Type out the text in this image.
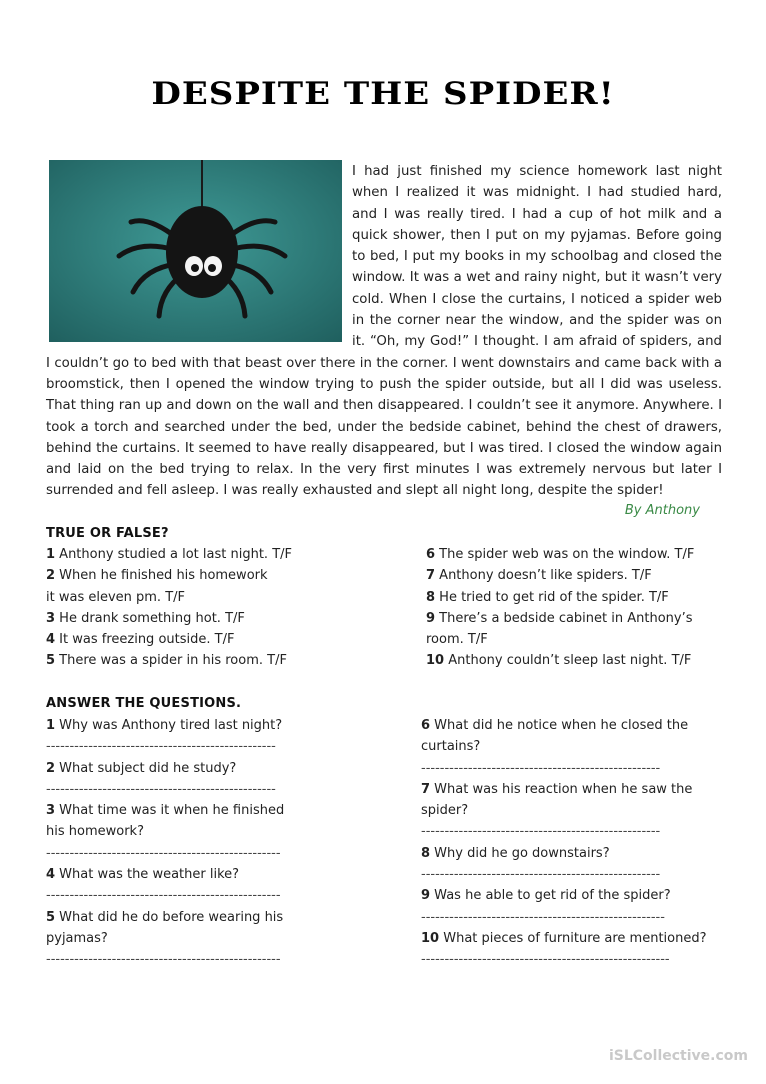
DESPITE THE SPIDER!

I had just finished my science homework last night when I realized it was midnight. I had studied hard, and I was really tired. I had a cup of hot milk and a quick shower, then I put on my pyjamas. Before going to bed, I put my books in my schoolbag and closed the window. It was a wet and rainy night, but it wasn’t very cold. When I close the curtains, I noticed a spider web in the corner near the window, and the spider was on it. “Oh, my God!” I thought. I am afraid of spiders, and I couldn’t go to bed with that beast over there in the corner. I went downstairs and came back with a broomstick, then I opened the window trying to push the spider outside, but all I did was useless. That thing ran up and down on the wall and then disappeared. I couldn’t see it anymore. Anywhere. I took a torch and searched under the bed, under the bedside cabinet, behind the chest of drawers, behind the curtains. It seemed to have really disappeared, but I was tired. I closed the window again and laid on the bed trying to relax. In the very first minutes I was extremely nervous but later I surrended and fell asleep. I was really exhausted and slept all night long, despite the spider!

By Anthony
TRUE OR FALSE?

1 Anthony studied a lot last night. T/F

2 When he finished his homework

it was eleven pm. T/F

3 He drank something hot. T/F

4 It was freezing outside. T/F

5 There was a spider in his room. T/F

6 The spider web was on the window. T/F

7 Anthony doesn’t like spiders. T/F

8 He tried to get rid of the spider. T/F

9 There’s a bedside cabinet in Anthony’s

room. T/F

10 Anthony couldn’t sleep last night. T/F

ANSWER THE QUESTIONS.

1 Why was Anthony tired last night?

-------------------------------------------------

2 What subject did he study?

-------------------------------------------------

3 What time was it when he finished

his homework?

--------------------------------------------------

4 What was the weather like?

--------------------------------------------------

5 What did he do before wearing his

pyjamas?

--------------------------------------------------

6 What did he notice when he closed the

curtains?

---------------------------------------------------

7 What was his reaction when he saw the

spider?

---------------------------------------------------

8 Why did he go downstairs?

---------------------------------------------------

9 Was he able to get rid of the spider?

----------------------------------------------------

10 What pieces of furniture are mentioned?

-----------------------------------------------------

iSLCollective.com
